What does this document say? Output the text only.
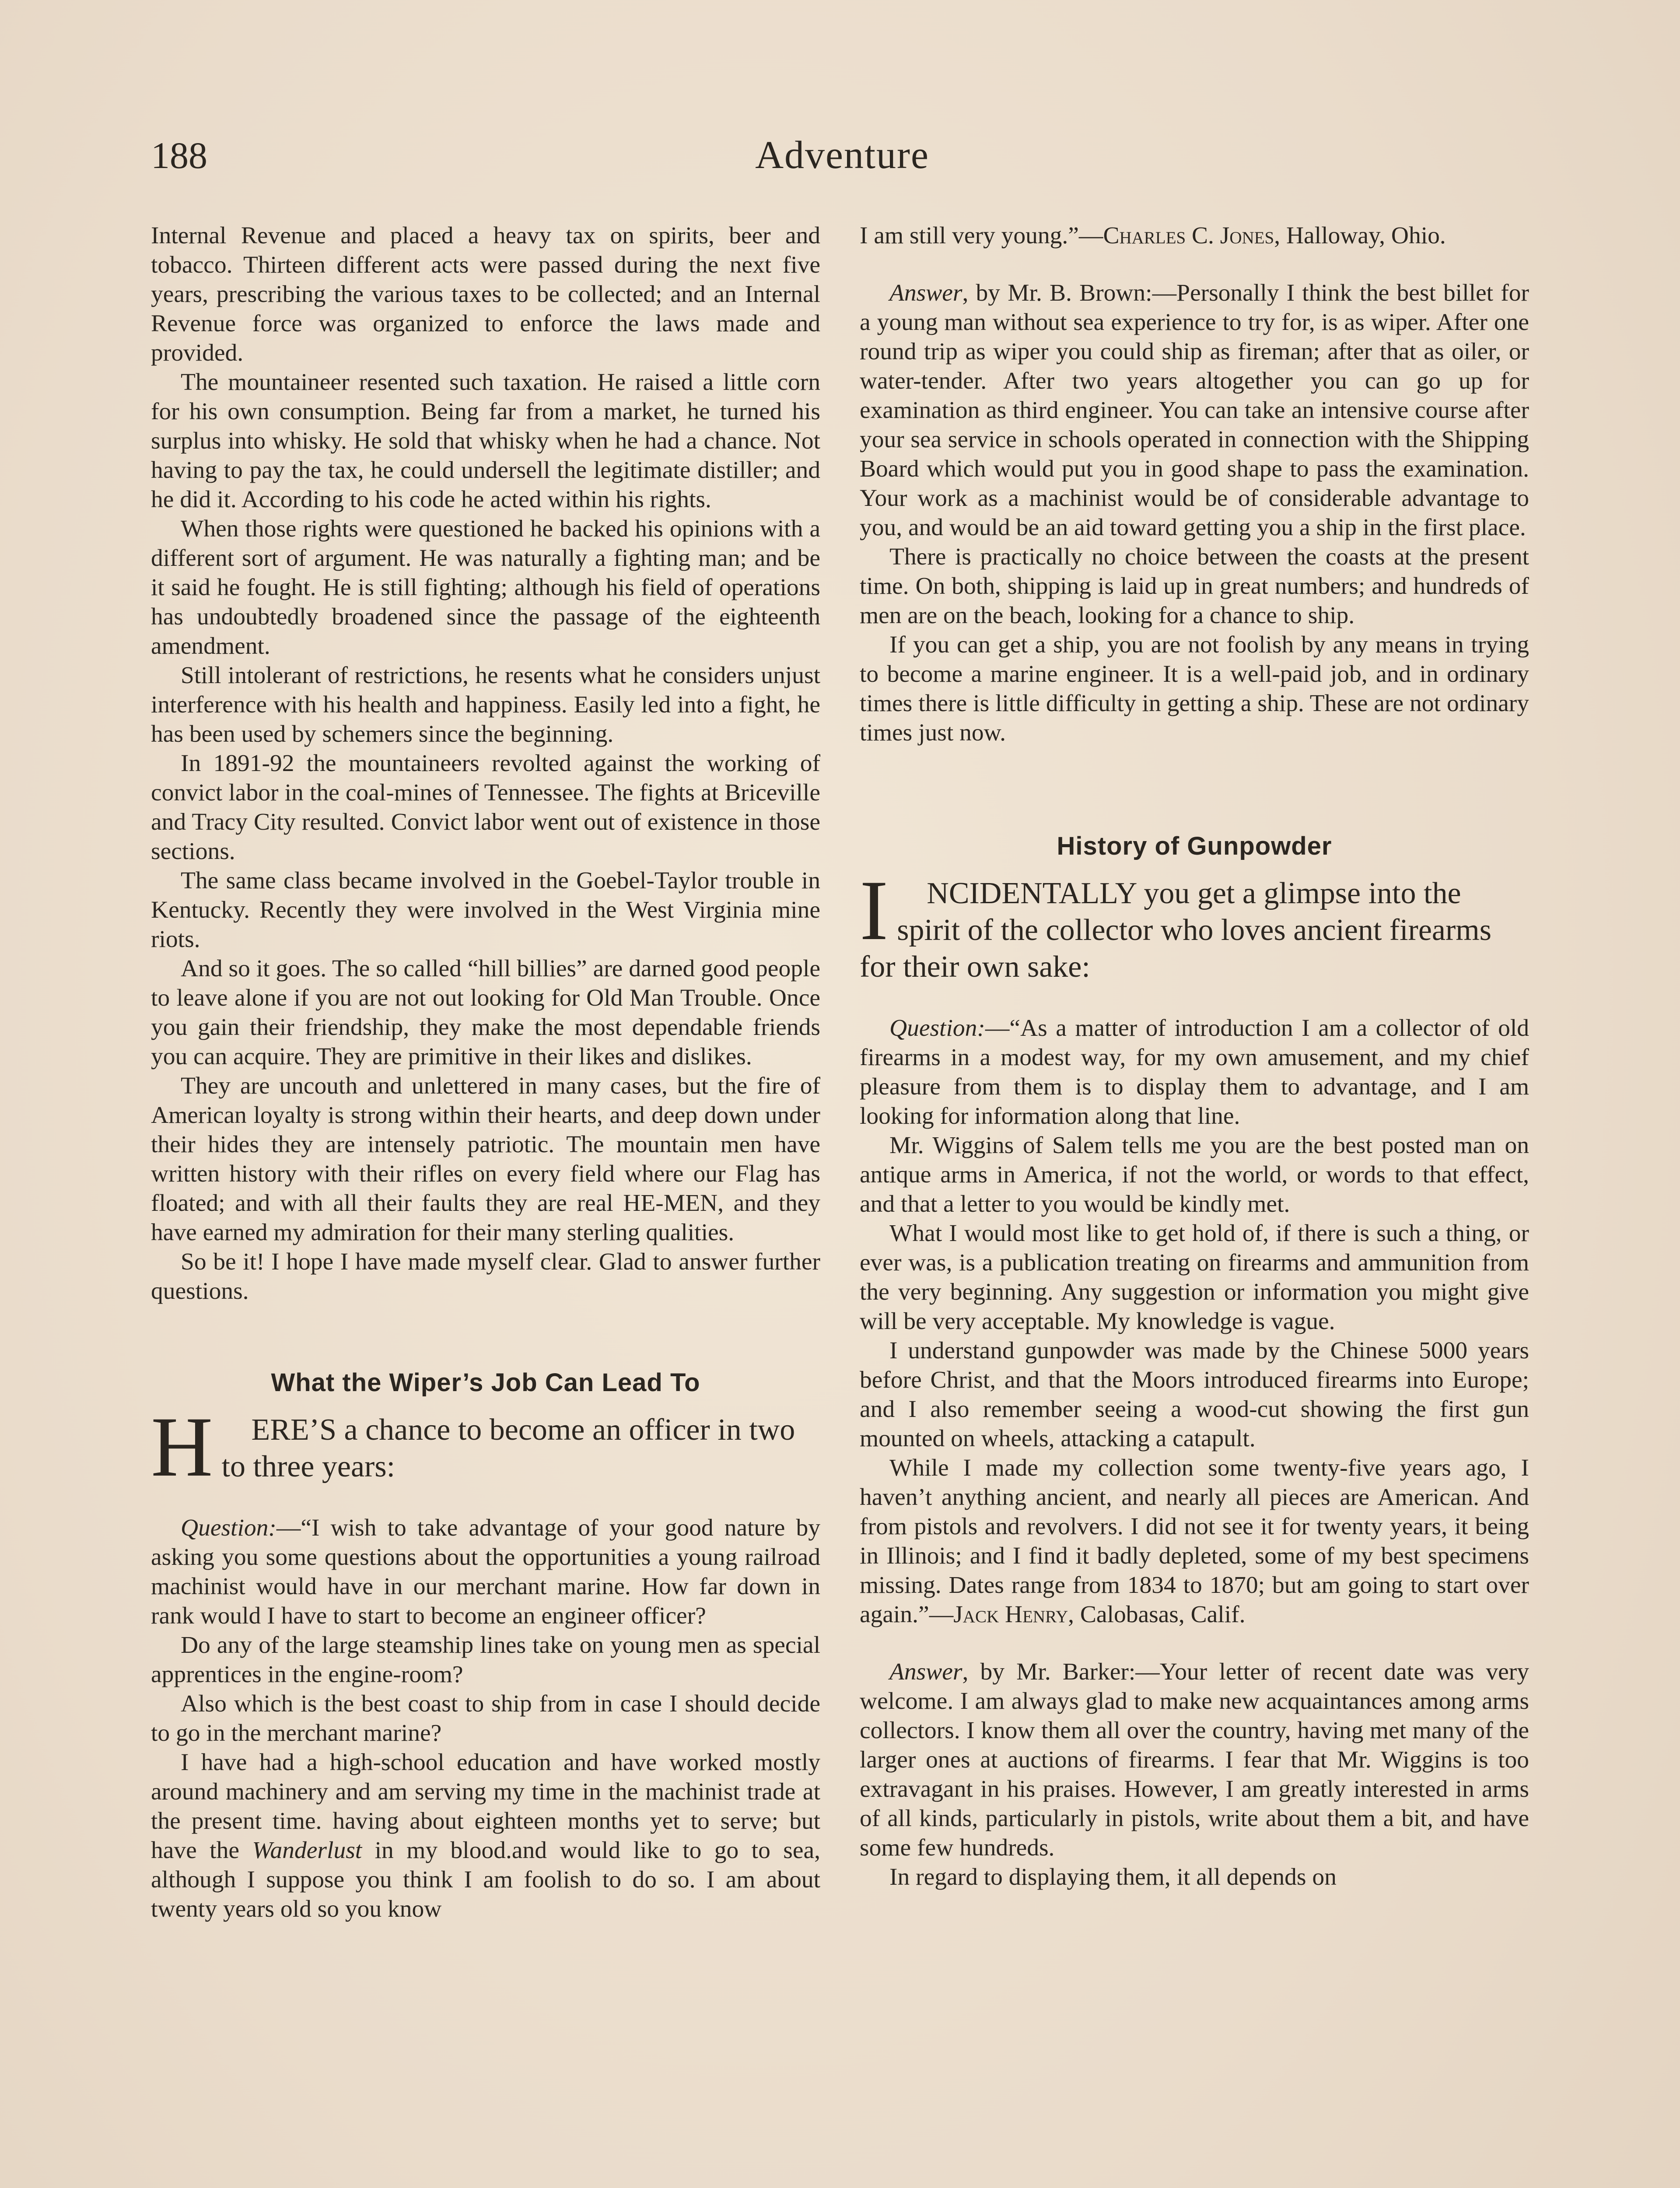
188	Adventure

Internal Revenue and placed a heavy tax on spirits, beer and tobacco. Thirteen different acts were passed during the next five years, prescribing the various taxes to be collected; and an Internal Revenue force was organized to enforce the laws made and provided.

The mountaineer resented such taxation. He raised a little corn for his own consumption. Being far from a market, he turned his surplus into whisky. He sold that whisky when he had a chance. Not having to pay the tax, he could undersell the legitimate distiller; and he did it. According to his code he acted within his rights.

When those rights were questioned he backed his opinions with a different sort of argument. He was naturally a fighting man; and be it said he fought. He is still fighting; although his field of operations has undoubtedly broadened since the passage of the eighteenth amendment.

Still intolerant of restrictions, he resents what he considers unjust interference with his health and happiness. Easily led into a fight, he has been used by schemers since the beginning.

In 1891-92 the mountaineers revolted against the working of convict labor in the coal-mines of Tennessee. The fights at Briceville and Tracy City resulted. Convict labor went out of existence in those sections.

The same class became involved in the Goebel-Taylor trouble in Kentucky. Recently they were involved in the West Virginia mine riots.

And so it goes. The so called “hill billies” are darned good people to leave alone if you are not out looking for Old Man Trouble. Once you gain their friendship, they make the most dependable friends you can acquire. They are primitive in their likes and dislikes.

They are uncouth and unlettered in many cases, but the fire of American loyalty is strong within their hearts, and deep down under their hides they are intensely patriotic. The mountain men have written history with their rifles on every field where our Flag has floated; and with all their faults they are real HE-MEN, and they have earned my admiration for their many sterling qualities.

So be it! I hope I have made myself clear. Glad to answer further questions.

What the Wiper’s Job Can Lead To
H	ERE’S a chance to become an officer in two to three years:

Question:—“I wish to take advantage of your good nature by asking you some questions about the opportunities a young railroad machinist would have in our merchant marine. How far down in rank would I have to start to become an engineer officer?

Do any of the large steamship lines take on young men as special apprentices in the engine-room?

Also which is the best coast to ship from in case I should decide to go in the merchant marine?

I have had a high-school education and have worked mostly around machinery and am serving my time in the machinist trade at the present time. having about eighteen months yet to serve; but have the Wanderlust in my blood.and would like to go to sea, although I suppose you think I am foolish to do so. I am about twenty years old so you know

I am still very young.”—Charles C. Jones, Halloway, Ohio.

Answer, by Mr. B. Brown:—Personally I think the best billet for a young man without sea experience to try for, is as wiper. After one round trip as wiper you could ship as fireman; after that as oiler, or water-tender. After two years altogether you can go up for examination as third engineer. You can take an intensive course after your sea service in schools operated in connection with the Shipping Board which would put you in good shape to pass the examination. Your work as a machinist would be of considerable advantage to you, and would be an aid toward getting you a ship in the first place.

There is practically no choice between the coasts at the present time. On both, shipping is laid up in great numbers; and hundreds of men are on the beach, looking for a chance to ship.

If you can get a ship, you are not foolish by any means in trying to become a marine engineer. It is a well-paid job, and in ordinary times there is little difficulty in getting a ship. These are not ordinary times just now.

History of Gunpowder
I	NCIDENTALLY you get a glimpse into the spirit of the collector who loves ancient firearms for their own sake:

Question:—“As a matter of introduction I am a collector of old firearms in a modest way, for my own amusement, and my chief pleasure from them is to display them to advantage, and I am looking for information along that line.

Mr. Wiggins of Salem tells me you are the best posted man on antique arms in America, if not the world, or words to that effect, and that a letter to you would be kindly met.

What I would most like to get hold of, if there is such a thing, or ever was, is a publication treating on firearms and ammunition from the very beginning. Any suggestion or information you might give will be very acceptable. My knowledge is vague.

I understand gunpowder was made by the Chinese 5000 years before Christ, and that the Moors introduced firearms into Europe; and I also remember seeing a wood-cut showing the first gun mounted on wheels, attacking a catapult.

While I made my collection some twenty-five years ago, I haven’t anything ancient, and nearly all pieces are American. And from pistols and revolvers. I did not see it for twenty years, it being in Illinois; and I find it badly depleted, some of my best specimens missing. Dates range from 1834 to 1870; but am going to start over again.”—Jack Henry, Calobasas, Calif.

Answer, by Mr. Barker:—Your letter of recent date was very welcome. I am always glad to make new acquaintances among arms collectors. I know them all over the country, having met many of the larger ones at auctions of firearms. I fear that Mr. Wiggins is too extravagant in his praises. However, I am greatly interested in arms of all kinds, particularly in pistols, write about them a bit, and have some few hundreds.

In regard to displaying them, it all depends on
